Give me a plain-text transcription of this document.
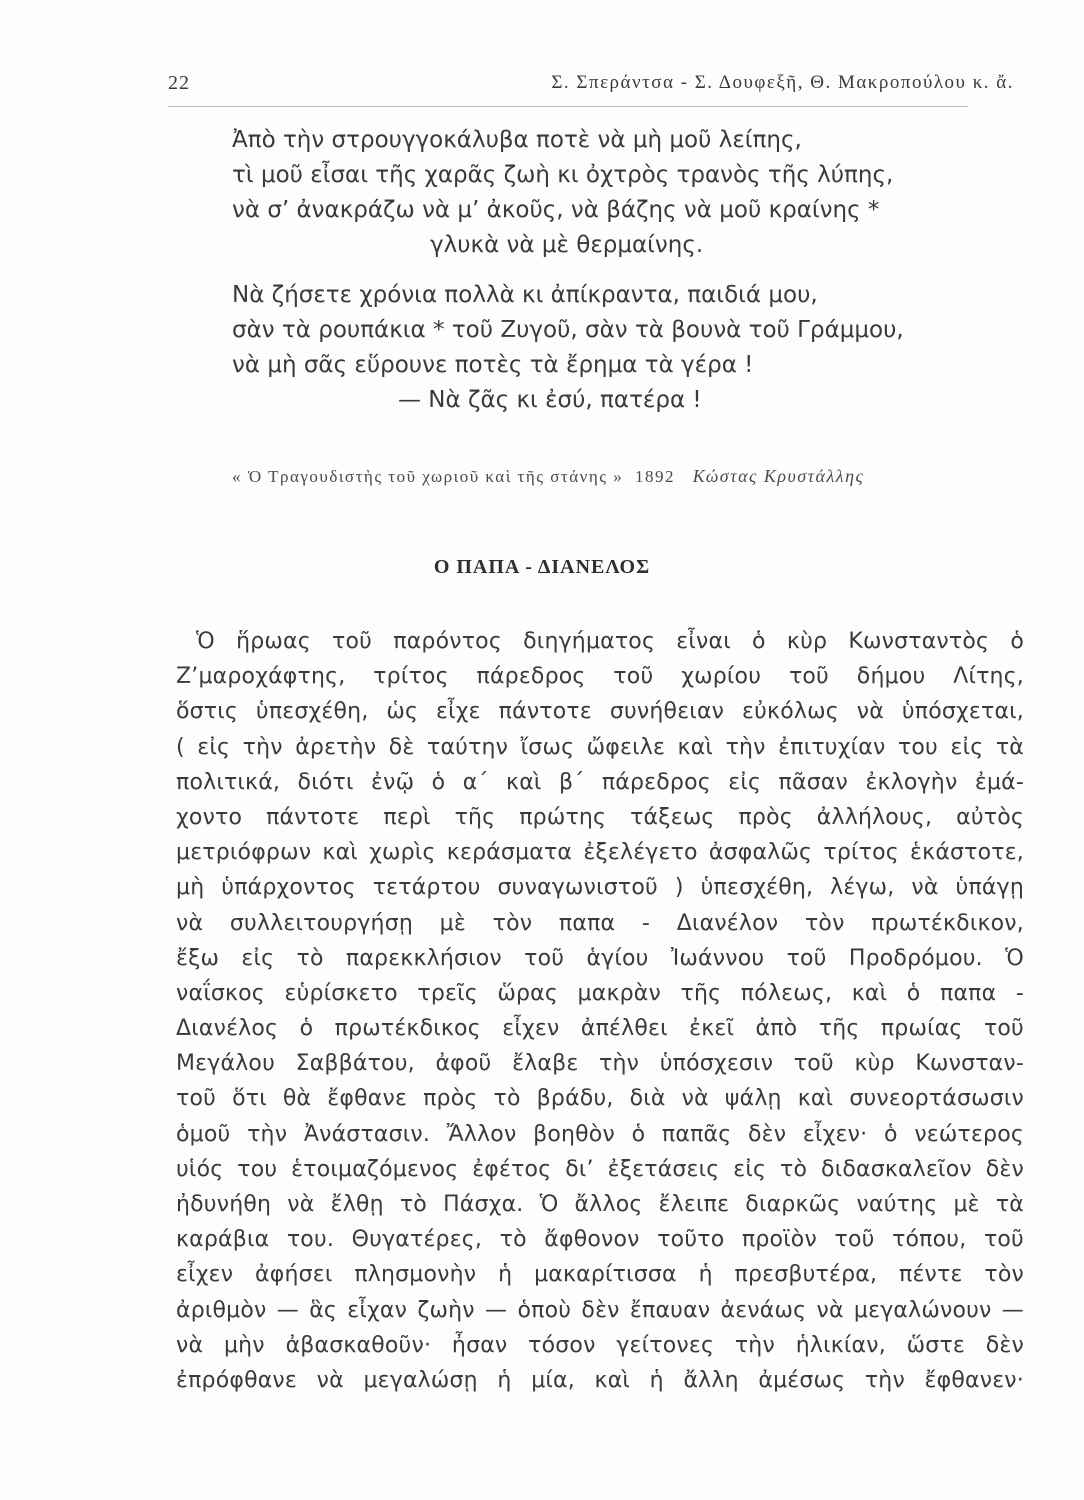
22	Σ. Σπεράντσα - Σ. Δουφεξῆ, Θ. Μακροπούλου κ. ἄ.
Ἀπὸ τὴν στρουγγοκάλυβα ποτὲ νὰ μὴ μοῦ λείπης,
τὶ μοῦ εἶσαι τῆς χαρᾶς ζωὴ κι ὀχτρὸς τρανὸς τῆς λύπης,
νὰ σ’ ἀνακράζω νὰ μ’ ἀκοῦς, νὰ βάζης νὰ μοῦ κραίνης *
γλυκὰ νὰ μὲ θερμαίνης.
Νὰ ζήσετε χρόνια πολλὰ κι ἀπίκραντα, παιδιά μου,
σὰν τὰ ρουπάκια * τοῦ Ζυγοῦ, σὰν τὰ βουνὰ τοῦ Γράμμου,
νὰ μὴ σᾶς εὕρουνε ποτὲς τὰ ἔρημα τὰ γέρα !
— Νὰ ζᾶς κι ἐσύ, πατέρα !
« Ὁ Τραγουδιστὴς τοῦ χωριοῦ καὶ τῆς στάνης » 1892 Κώστας Κρυστάλλης
Ο ΠΑΠΑ - ΔΙΑΝΕΛΟΣ
Ὁ ἥρωας τοῦ παρόντος διηγήματος εἶναι ὁ κὺρ Κωνσταντὸς ὁ
Ζ’μαροχάφτης, τρίτος πάρεδρος τοῦ χωρίου τοῦ δήμου Λίτης,
ὅστις ὑπεσχέθη, ὡς εἶχε πάντοτε συνήθειαν εὐκόλως νὰ ὑπόσχεται,
( εἰς τὴν ἀρετὴν δὲ ταύτην ἴσως ὤφειλε καὶ τὴν ἐπιτυχίαν του εἰς τὰ
πολιτικά, διότι ἐνῷ ὁ α΄ καὶ β΄ πάρεδρος εἰς πᾶσαν ἐκλογὴν ἐμά-
χοντο πάντοτε περὶ τῆς πρώτης τάξεως πρὸς ἀλλήλους, αὐτὸς
μετριόφρων καὶ χωρὶς κεράσματα ἐξελέγετο ἀσφαλῶς τρίτος ἑκάστοτε,
μὴ ὑπάρχοντος τετάρτου συναγωνιστοῦ ) ὑπεσχέθη, λέγω, νὰ ὑπάγῃ
νὰ συλλειτουργήσῃ μὲ τὸν παπα - Διανέλον τὸν πρωτέκδικον,
ἔξω εἰς τὸ παρεκκλήσιον τοῦ ἁγίου Ἰωάννου τοῦ Προδρόμου. Ὁ
ναΐσκος εὑρίσκετο τρεῖς ὥρας μακρὰν τῆς πόλεως, καὶ ὁ παπα -
Διανέλος ὁ πρωτέκδικος εἶχεν ἀπέλθει ἐκεῖ ἀπὸ τῆς πρωίας τοῦ
Μεγάλου Σαββάτου, ἀφοῦ ἔλαβε τὴν ὑπόσχεσιν τοῦ κὺρ Κωνσταν-
τοῦ ὅτι θὰ ἔφθανε πρὸς τὸ βράδυ, διὰ νὰ ψάλῃ καὶ συνεορτάσωσιν
ὁμοῦ τὴν Ἀνάστασιν. Ἄλλον βοηθὸν ὁ παπᾶς δὲν εἶχεν· ὁ νεώτερος
υἱός του ἑτοιμαζόμενος ἐφέτος δι’ ἐξετάσεις εἰς τὸ διδασκαλεῖον δὲν
ἠδυνήθη νὰ ἔλθῃ τὸ Πάσχα. Ὁ ἄλλος ἔλειπε διαρκῶς ναύτης μὲ τὰ
καράβια του. Θυγατέρες, τὸ ἄφθονον τοῦτο προϊὸν τοῦ τόπου, τοῦ
εἶχεν ἀφήσει πλησμονὴν ἡ μακαρίτισσα ἡ πρεσβυτέρα, πέντε τὸν
ἀριθμὸν — ἃς εἶχαν ζωὴν — ὁποὺ δὲν ἔπαυαν ἀενάως νὰ μεγαλώνουν —
νὰ μὴν ἀβασκαθοῦν· ἦσαν τόσον γείτονες τὴν ἡλικίαν, ὥστε δὲν
ἐπρόφθανε νὰ μεγαλώσῃ ἡ μία, καὶ ἡ ἄλλη ἀμέσως τὴν ἔφθανεν·
